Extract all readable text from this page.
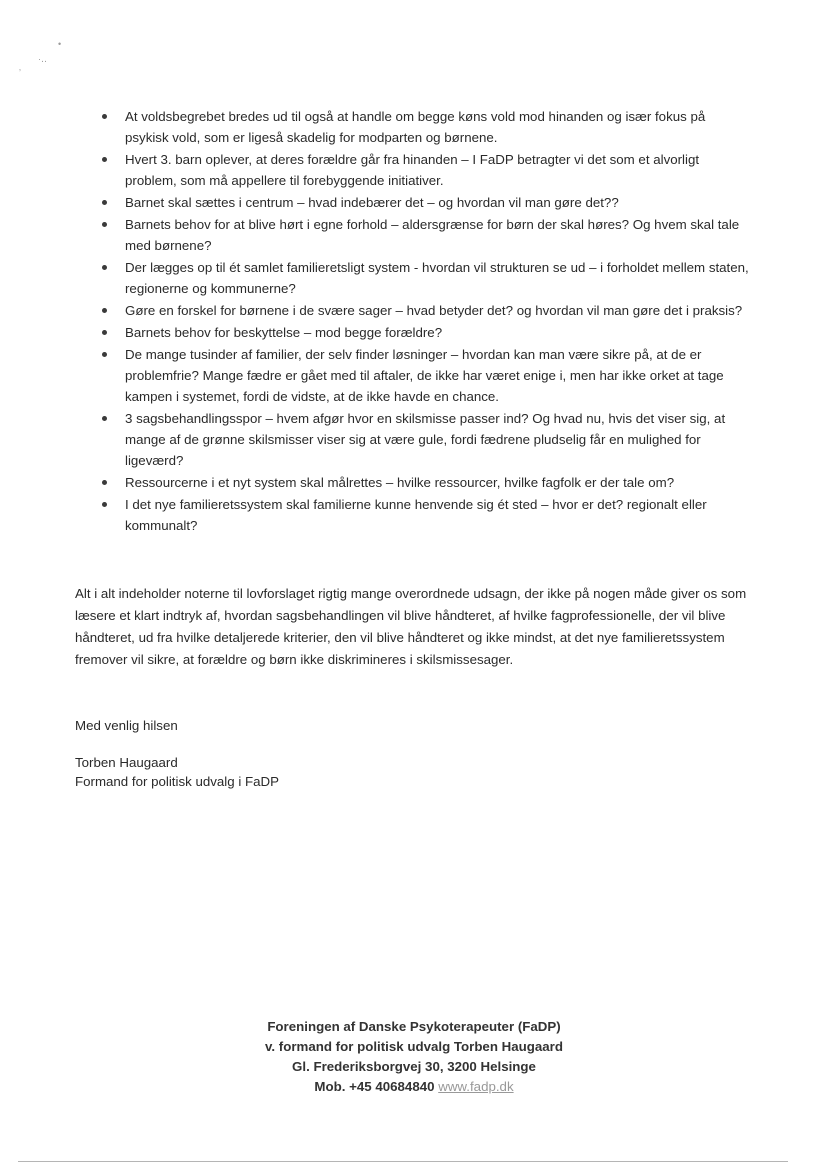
•
·‥
ʼ
At voldsbegrebet bredes ud til også at handle om begge køns vold mod hinanden og især fokus på psykisk vold, som er ligeså skadelig for modparten og børnene.
Hvert 3. barn oplever, at deres forældre går fra hinanden – I FaDP betragter vi det som et alvorligt problem, som må appellere til forebyggende initiativer.
Barnet skal sættes i centrum – hvad indebærer det – og hvordan vil man gøre det??
Barnets behov for at blive hørt i egne forhold – aldersgrænse for børn der skal høres? Og hvem skal tale med børnene?
Der lægges op til ét samlet familieretsligt system - hvordan vil strukturen se ud – i forholdet mellem staten, regionerne og kommunerne?
Gøre en forskel for børnene i de svære sager – hvad betyder det? og hvordan vil man gøre det i praksis?
Barnets behov for beskyttelse – mod begge forældre?
De mange tusinder af familier, der selv finder løsninger – hvordan kan man være sikre på, at de er problemfrie? Mange fædre er gået med til aftaler, de ikke har været enige i, men har ikke orket at tage kampen i systemet, fordi de vidste, at de ikke havde en chance.
3 sagsbehandlingsspor – hvem afgør hvor en skilsmisse passer ind? Og hvad nu, hvis det viser sig, at mange af de grønne skilsmisser viser sig at være gule, fordi fædrene pludselig får en mulighed for ligeværd?
Ressourcerne i et nyt system skal målrettes – hvilke ressourcer, hvilke fagfolk er der tale om?
I det nye familieretssystem skal familierne kunne henvende sig ét sted – hvor er det? regionalt eller kommunalt?

Alt i alt indeholder noterne til lovforslaget rigtig mange overordnede udsagn, der ikke på nogen måde giver os som læsere et klart indtryk af, hvordan sagsbehandlingen vil blive håndteret, af hvilke fagprofessionelle, der vil blive håndteret, ud fra hvilke detaljerede kriterier, den vil blive håndteret og ikke mindst, at det nye familieretssystem fremover vil sikre, at forældre og børn ikke diskrimineres i skilsmissesager.

Med venlig hilsen

Torben Haugaard
Formand for politisk udvalg i FaDP

Foreningen af Danske Psykoterapeuter (FaDP)
v. formand for politisk udvalg Torben Haugaard
Gl. Frederiksborgvej 30, 3200 Helsinge
Mob. +45 40684840 www.fadp.dk
